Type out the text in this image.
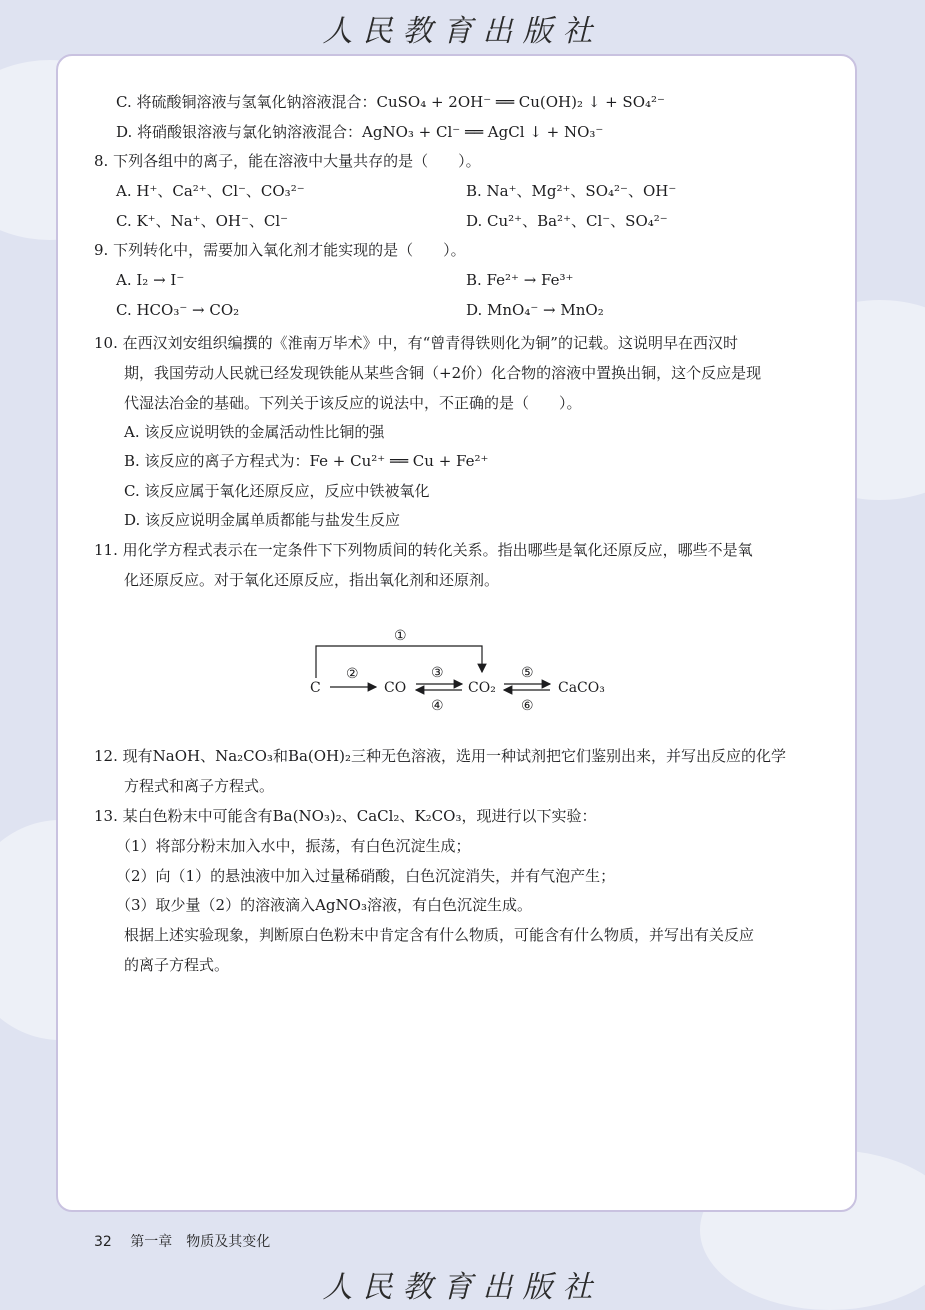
人民教育出版社
C. 将硫酸铜溶液与氢氧化钠溶液混合：CuSO₄ + 2OH⁻ ══ Cu(OH)₂ ↓ + SO₄²⁻
D. 将硝酸银溶液与氯化钠溶液混合：AgNO₃ + Cl⁻ ══ AgCl ↓ + NO₃⁻
8. 下列各组中的离子，能在溶液中大量共存的是（　　）。
A. H⁺、Ca²⁺、Cl⁻、CO₃²⁻	B. Na⁺、Mg²⁺、SO₄²⁻、OH⁻
C. K⁺、Na⁺、OH⁻、Cl⁻	D. Cu²⁺、Ba²⁺、Cl⁻、SO₄²⁻
9. 下列转化中，需要加入氧化剂才能实现的是（　　）。
A. I₂ → I⁻	B. Fe²⁺ → Fe³⁺
C. HCO₃⁻ → CO₂	D. MnO₄⁻ → MnO₂
10. 在西汉刘安组织编撰的《淮南万毕术》中，有“曾青得铁则化为铜”的记载。这说明早在西汉时
期，我国劳动人民就已经发现铁能从某些含铜（+2价）化合物的溶液中置换出铜，这个反应是现
代湿法冶金的基础。下列关于该反应的说法中，不正确的是（　　）。
A. 该反应说明铁的金属活动性比铜的强
B. 该反应的离子方程式为：Fe + Cu²⁺ ══ Cu + Fe²⁺
C. 该反应属于氧化还原反应，反应中铁被氧化
D. 该反应说明金属单质都能与盐发生反应
11. 用化学方程式表示在一定条件下下列物质间的转化关系。指出哪些是氧化还原反应，哪些不是氧
化还原反应。对于氧化还原反应，指出氧化剂和还原剂。
①
②	③
④
⑤
⑥
C	CO	CO₂	CaCO₃
12. 现有NaOH、Na₂CO₃和Ba(OH)₂三种无色溶液，选用一种试剂把它们鉴别出来，并写出反应的化学
方程式和离子方程式。
13. 某白色粉末中可能含有Ba(NO₃)₂、CaCl₂、K₂CO₃，现进行以下实验：
（1）将部分粉末加入水中，振荡，有白色沉淀生成；
（2）向（1）的悬浊液中加入过量稀硝酸，白色沉淀消失，并有气泡产生；
（3）取少量（2）的溶液滴入AgNO₃溶液，有白色沉淀生成。
根据上述实验现象，判断原白色粉末中肯定含有什么物质，可能含有什么物质，并写出有关反应
的离子方程式。
32 第一章　物质及其变化
人民教育出版社
